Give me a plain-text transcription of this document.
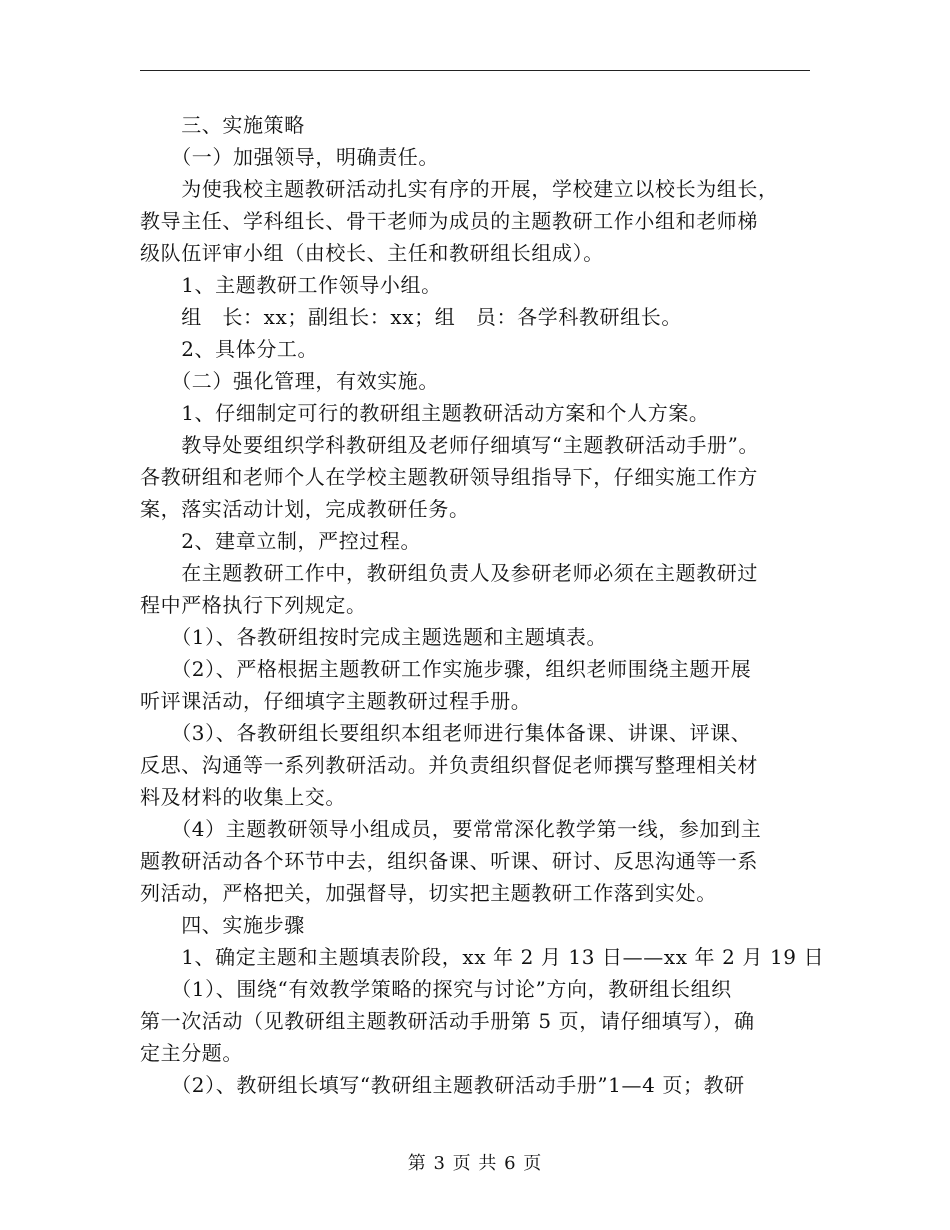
　　三、实施策略
　　（一）加强领导，明确责任。
　　为使我校主题教研活动扎实有序的开展，学校建立以校长为组长，
教导主任、学科组长、骨干老师为成员的主题教研工作小组和老师梯
级队伍评审小组（由校长、主任和教研组长组成）。
　　1、主题教研工作领导小组。
　　组　长：xx；副组长：xx；组　员：各学科教研组长。
　　2、具体分工。
　　（二）强化管理，有效实施。
　　1、仔细制定可行的教研组主题教研活动方案和个人方案。
　　教导处要组织学科教研组及老师仔细填写“主题教研活动手册”。
各教研组和老师个人在学校主题教研领导组指导下，仔细实施工作方
案，落实活动计划，完成教研任务。
　　2、建章立制，严控过程。
　　在主题教研工作中，教研组负责人及参研老师必须在主题教研过
程中严格执行下列规定。
　　（1）、各教研组按时完成主题选题和主题填表。
　　（2）、严格根据主题教研工作实施步骤，组织老师围绕主题开展
听评课活动，仔细填字主题教研过程手册。
　　（3）、各教研组长要组织本组老师进行集体备课、讲课、评课、
反思、沟通等一系列教研活动。并负责组织督促老师撰写整理相关材
料及材料的收集上交。
　　（4）主题教研领导小组成员，要常常深化教学第一线，参加到主
题教研活动各个环节中去，组织备课、听课、研讨、反思沟通等一系
列活动，严格把关，加强督导，切实把主题教研工作落到实处。
　　四、实施步骤
　　1、确定主题和主题填表阶段，xx 年 2 月 13 日——xx 年 2 月 19 日
　　（1）、围绕“有效教学策略的探究与讨论”方向，教研组长组织
第一次活动（见教研组主题教研活动手册第 5 页，请仔细填写），确
定主分题。
　　（2）、教研组长填写“教研组主题教研活动手册”1—4 页；教研
第 3 页 共 6 页
